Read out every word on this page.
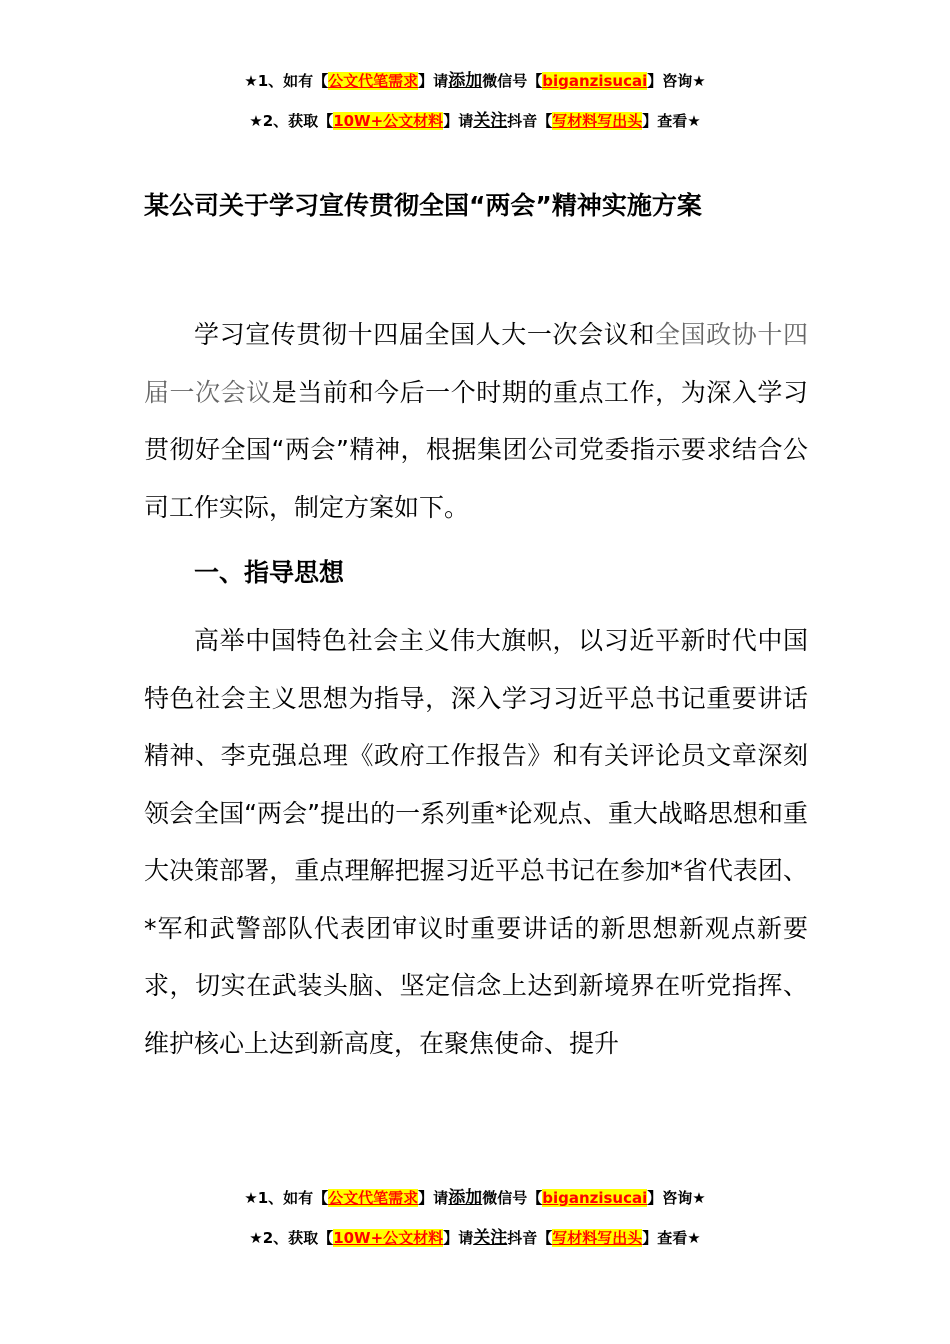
★1、如有【公文代笔需求】请添加微信号【biganzisucai】咨询★
★2、获取【10W+公文材料】请关注抖音【写材料写出头】查看★
某公司关于学习宣传贯彻全国“两会”精神实施方案

学习宣传贯彻十四届全国人大一次会议和全国政协十四届一次会议是当前和今后一个时期的重点工作，为深入学习贯彻好全国“两会”精神，根据集团公司党委指示要求结合公司工作实际，制定方案如下。

一、指导思想

高举中国特色社会主义伟大旗帜，以习近平新时代中国特色社会主义思想为指导，深入学习习近平总书记重要讲话精神、李克强总理《政府工作报告》和有关评论员文章深刻领会全国“两会”提出的一系列重*论观点、重大战略思想和重大决策部署，重点理解把握习近平总书记在参加*省代表团、*军和武警部队代表团审议时重要讲话的新思想新观点新要求，切实在武装头脑、坚定信念上达到新境界在听党指挥、维护核心上达到新高度，在聚焦使命、提升

★1、如有【公文代笔需求】请添加微信号【biganzisucai】咨询★
★2、获取【10W+公文材料】请关注抖音【写材料写出头】查看★
